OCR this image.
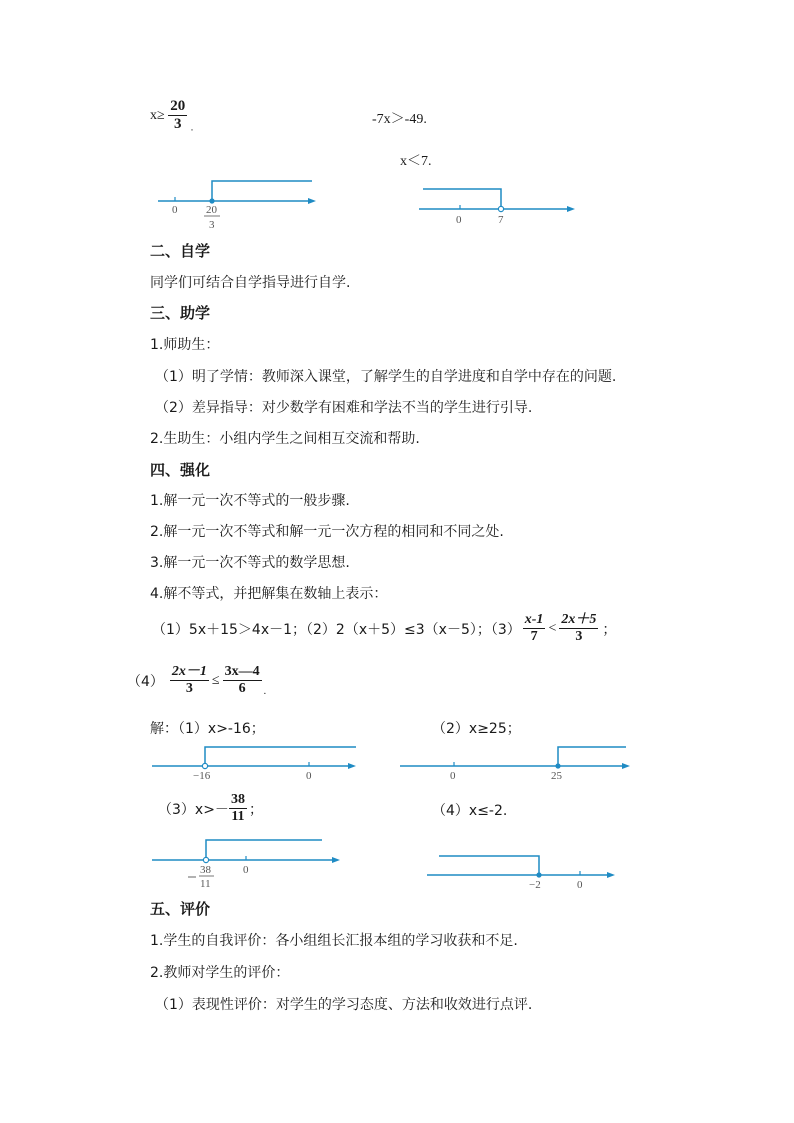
$x\ge \frac{20}{3}$ .
-7x＞-49.
x＜7.
0	20
3	0	7
二、自学
同学们可结合自学指导进行自学.
三、助学
1.师助生：
（1）明了学情：教师深入课堂，了解学生的自学进度和自学中存在的问题.
（2）差异指导：对少数学有困难和学法不当的学生进行引导.
2.生助生：小组内学生之间相互交流和帮助.
四、强化
1.解一元一次不等式的一般步骤.
2.解一元一次不等式和解一元一次方程的相同和不同之处.
3.解一元一次不等式的数学思想.
4.解不等式，并把解集在数轴上表示：
（1）5x＋15＞4x－1；（2）2（x＋5）≤3（x－5）；$(3) \frac{x-1}{7} < \frac{2x+5}{3}$ ；
$(4) \frac{2x-1}{3} \le \frac{3x—4}{6}$ .
解：（1）x>-16；	（2）x≥25；
−16	0	0	25
$(3)x>- \frac{38}{11}$ ；	（4）x≤-2.
38
11
0
−2	0
五、评价
1.学生的自我评价：各小组组长汇报本组的学习收获和不足.
2.教师对学生的评价：
（1）表现性评价：对学生的学习态度、方法和收效进行点评.
